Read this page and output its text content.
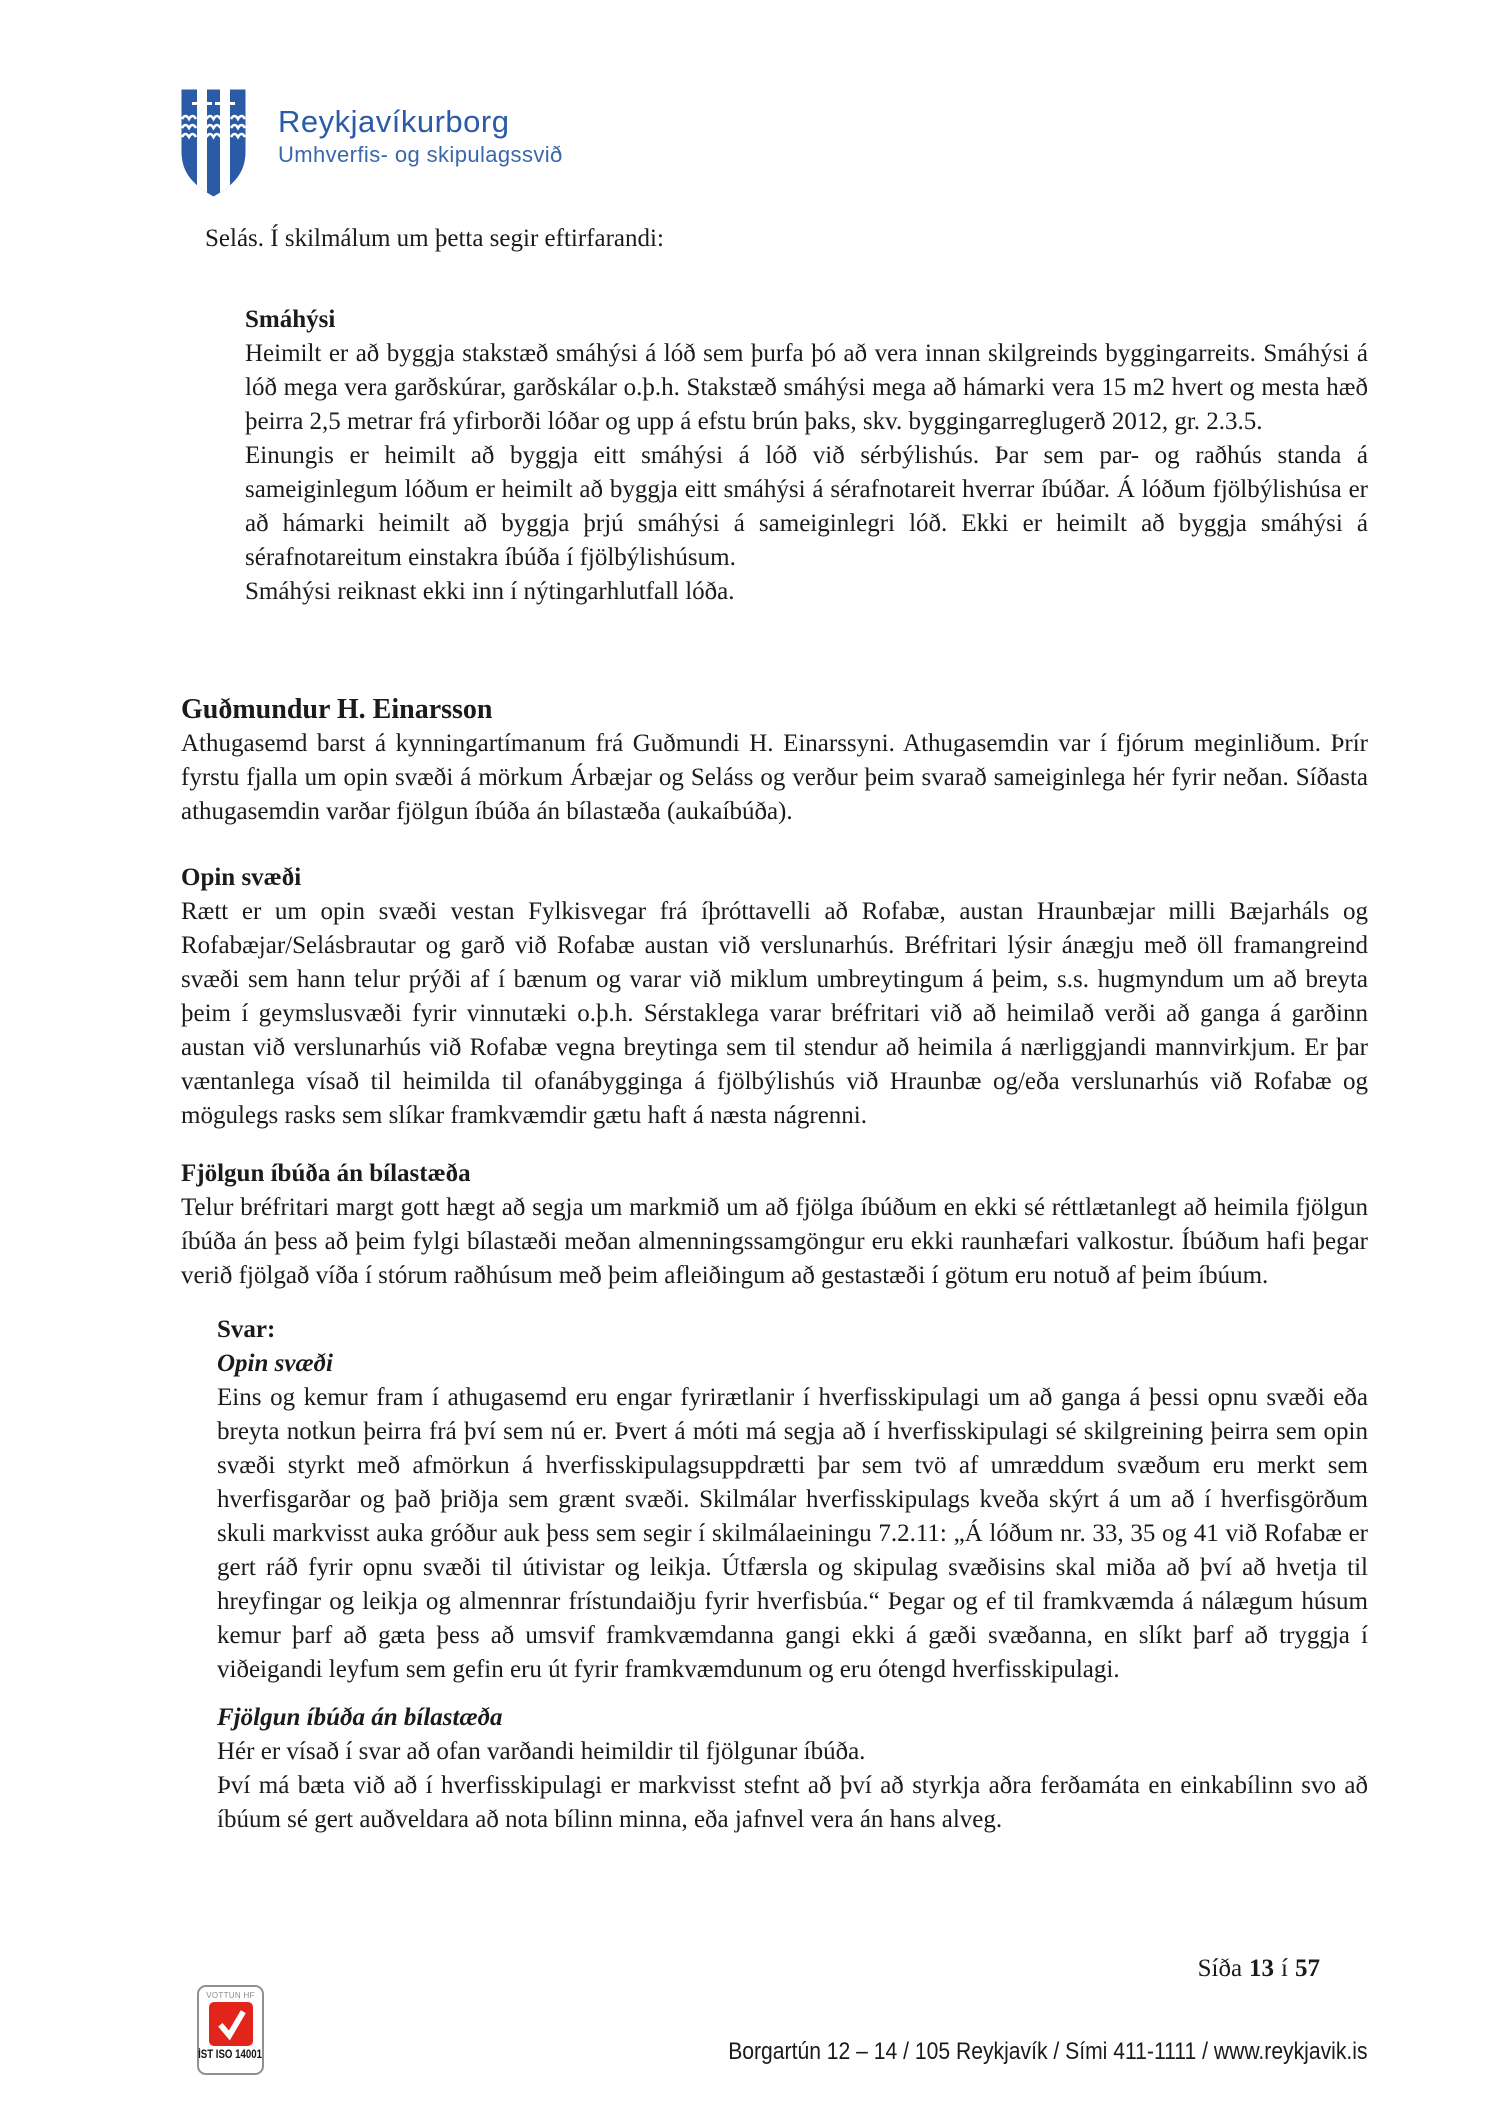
Reykjavíkurborg
Umhverfis- og skipulagssvið

Selás. Í skilmálum um þetta segir eftirfarandi:

Smáhýsi

Heimilt er að byggja stakstæð smáhýsi á lóð sem þurfa þó að vera innan skilgreinds byggingarreits. Smáhýsi á lóð mega vera garðskúrar, garðskálar o.þ.h. Stakstæð smáhýsi mega að hámarki vera 15 m2 hvert og mesta hæð þeirra 2,5 metrar frá yfirborði lóðar og upp á efstu brún þaks, skv. byggingarreglugerð 2012, gr. 2.3.5.

Einungis er heimilt að byggja eitt smáhýsi á lóð við sérbýlishús. Þar sem par- og raðhús standa á sameiginlegum lóðum er heimilt að byggja eitt smáhýsi á sérafnotareit hverrar íbúðar. Á lóðum fjölbýlishúsa er að hámarki heimilt að byggja þrjú smáhýsi á sameiginlegri lóð. Ekki er heimilt að byggja smáhýsi á sérafnotareitum einstakra íbúða í fjölbýlishúsum.

Smáhýsi reiknast ekki inn í nýtingarhlutfall lóða.

Guðmundur H. Einarsson

Athugasemd barst á kynningartímanum frá Guðmundi H. Einarssyni. Athugasemdin var í fjórum meginliðum. Þrír fyrstu fjalla um opin svæði á mörkum Árbæjar og Seláss og verður þeim svarað sameiginlega hér fyrir neðan. Síðasta athugasemdin varðar fjölgun íbúða án bílastæða (aukaíbúða).

Opin svæði

Rætt er um opin svæði vestan Fylkisvegar frá íþróttavelli að Rofabæ, austan Hraunbæjar milli Bæjarháls og Rofabæjar/Selásbrautar og garð við Rofabæ austan við verslunarhús. Bréfritari lýsir ánægju með öll framangreind svæði sem hann telur prýði af í bænum og varar við miklum umbreytingum á þeim, s.s. hugmyndum um að breyta þeim í geymslusvæði fyrir vinnutæki o.þ.h. Sérstaklega varar bréfritari við að heimilað verði að ganga á garðinn austan við verslunarhús við Rofabæ vegna breytinga sem til stendur að heimila á nærliggjandi mannvirkjum. Er þar væntanlega vísað til heimilda til ofanábygginga á fjölbýlishús við Hraunbæ og/eða verslunarhús við Rofabæ og mögulegs rasks sem slíkar framkvæmdir gætu haft á næsta nágrenni.

Fjölgun íbúða án bílastæða

Telur bréfritari margt gott hægt að segja um markmið um að fjölga íbúðum en ekki sé réttlætanlegt að heimila fjölgun íbúða án þess að þeim fylgi bílastæði meðan almenningssamgöngur eru ekki raunhæfari valkostur. Íbúðum hafi þegar verið fjölgað víða í stórum raðhúsum með þeim afleiðingum að gestastæði í götum eru notuð af þeim íbúum.

Svar:

Opin svæði

Eins og kemur fram í athugasemd eru engar fyrirætlanir í hverfisskipulagi um að ganga á þessi opnu svæði eða breyta notkun þeirra frá því sem nú er. Þvert á móti má segja að í hverfisskipulagi sé skilgreining þeirra sem opin svæði styrkt með afmörkun á hverfisskipulagsuppdrætti þar sem tvö af umræddum svæðum eru merkt sem hverfisgarðar og það þriðja sem grænt svæði. Skilmálar hverfisskipulags kveða skýrt á um að í hverfisgörðum skuli markvisst auka gróður auk þess sem segir í skilmálaeiningu 7.2.11: „Á lóðum nr. 33, 35 og 41 við Rofabæ er gert ráð fyrir opnu svæði til útivistar og leikja. Útfærsla og skipulag svæðisins skal miða að því að hvetja til hreyfingar og leikja og almennrar frístundaiðju fyrir hverfisbúa.“ Þegar og ef til framkvæmda á nálægum húsum kemur þarf að gæta þess að umsvif framkvæmdanna gangi ekki á gæði svæðanna, en slíkt þarf að tryggja í viðeigandi leyfum sem gefin eru út fyrir framkvæmdunum og eru ótengd hverfisskipulagi.

Fjölgun íbúða án bílastæða

Hér er vísað í svar að ofan varðandi heimildir til fjölgunar íbúða.

Því má bæta við að í hverfisskipulagi er markvisst stefnt að því að styrkja aðra ferðamáta en einkabílinn svo að íbúum sé gert auðveldara að nota bílinn minna, eða jafnvel vera án hans alveg.

Síða 13 í 57
VOTTUN HF
ÍST ISO 14001	Borgartún 12 – 14 / 105 Reykjavík / Sími 411-1111 / www.reykjavik.is
